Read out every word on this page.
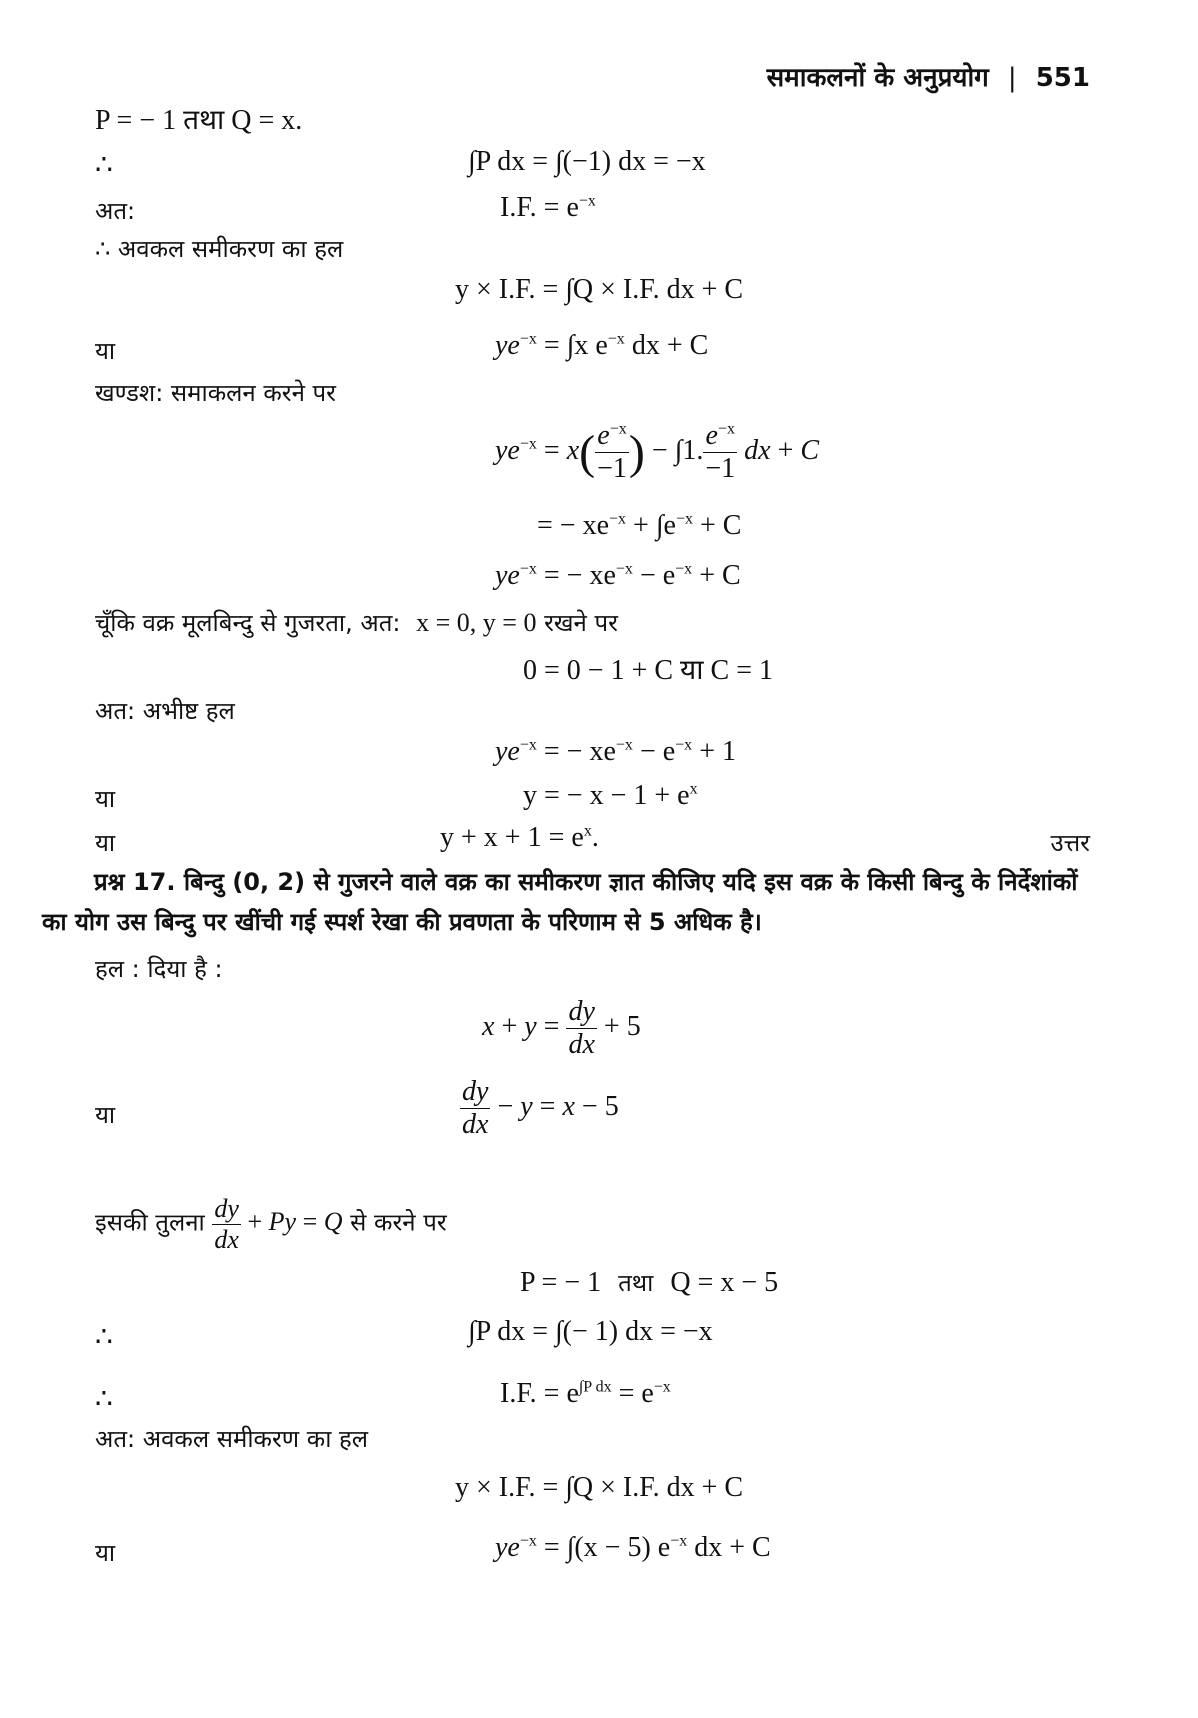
समाकलनों के अनुप्रयोग | 551
P = − 1 तथा Q = x.
∴	∫P dx = ∫(−1) dx = −x
अत:	I.F. = $e^{-x}$
∴ अवकल समीकरण का हल
y × I.F. = ∫Q × I.F. dx + C
या	$ye^{-x} = \int x$ $e^{-x}$ dx + C
खण्डश: समाकलन करने पर
$ye^{-x} = x( \frac{e^{-x}}{-1}$ ) − ∫1. $\frac{e^{-x}}{-1}$ dx + C
= − $xe^{-x} + \int e^{-x} + C$
$ye^{-x}$ = − $xe^{-x} - e^{-x} + C$
चूँकि वक्र मूलबिन्दु से गुजरता, अत: x = 0, y = 0 रखने पर
0 = 0 − 1 + C या C = 1
अत: अभीष्ट हल
$ye^{-x}$ = − $xe^{-x} - e^{-x} + 1$
या	y = − $x - 1 + e^x$
या	$y + x + 1 = e^x$.	उत्तर
प्रश्न 17. बिन्दु (0, 2) से गुजरने वाले वक्र का समीकरण ज्ञात कीजिए यदि इस वक्र के किसी बिन्दु के निर्देशांकों का योग उस बिन्दु पर खींची गई स्पर्श रेखा की प्रवणता के परिणाम से 5 अधिक है।
हल : दिया है :
$x + y = \frac{dy}{dx} + 5$
या	$\frac{dy}{dx} - y = x - 5$
इसकी तुलना $\frac{dy}{dx} + Py = Q$ से करने पर
P = − 1 तथा Q = x − 5
∴	∫P dx = ∫(− 1) dx = −x
∴	I.F. = $e^{\int P dx} = e^{-x}$
अत: अवकल समीकरण का हल
y × I.F. = ∫Q × I.F. dx + C
या	$ye^{-x} = \int(x - 5)$ $e^{-x}$ dx + C
